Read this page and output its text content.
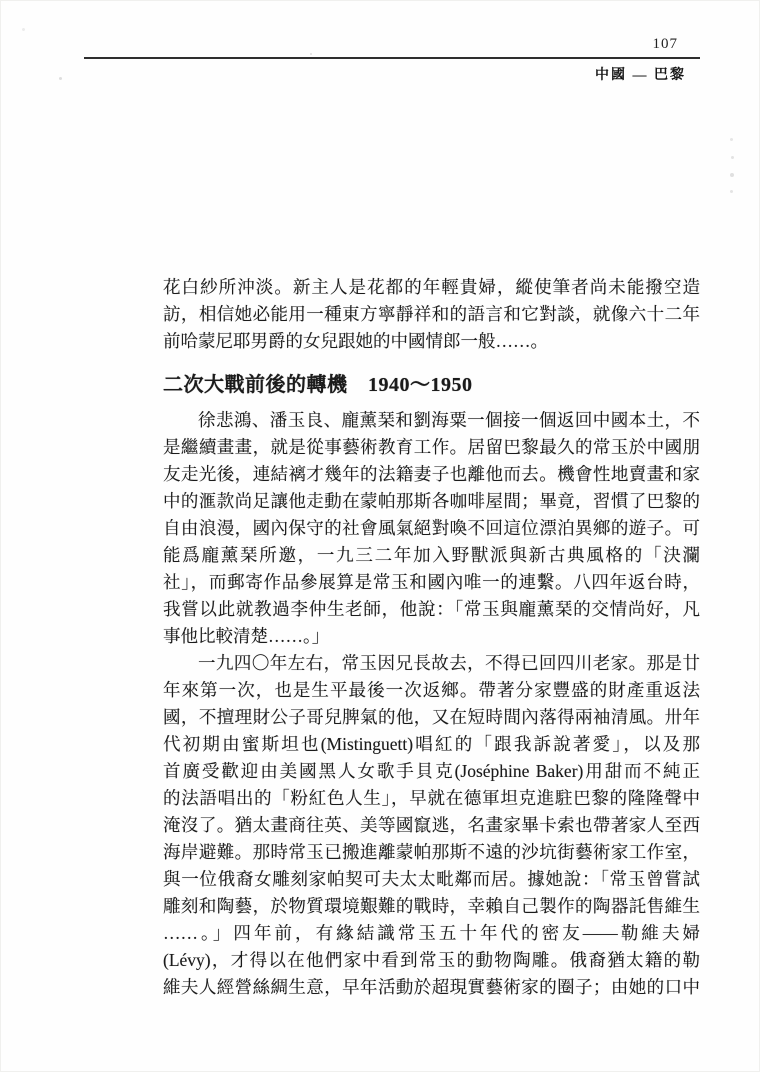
107
中國 — 巴黎
花白紗所沖淡。新主人是花都的年輕貴婦，縱使筆者尚未能撥空造
訪，相信她必能用一種東方寧靜祥和的語言和它對談，就像六十二年
前哈蒙尼耶男爵的女兒跟她的中國情郎一般……。
二次大戰前後的轉機　1940～1950
徐悲鴻、潘玉良、龐薰琹和劉海粟一個接一個返回中國本土，不
是繼續畫畫，就是從事藝術教育工作。居留巴黎最久的常玉於中國朋
友走光後，連結褵才幾年的法籍妻子也離他而去。機會性地賣畫和家
中的滙款尚足讓他走動在蒙帕那斯各咖啡屋間；畢竟，習慣了巴黎的
自由浪漫，國內保守的社會風氣絕對喚不回這位漂泊異鄉的遊子。可
能爲龐薰琹所邀，一九三二年加入野獸派與新古典風格的「決瀾
社」，而郵寄作品參展算是常玉和國內唯一的連繫。八四年返台時，
我嘗以此就教過李仲生老師，他說：「常玉與龐薰琹的交情尚好，凡
事他比較清楚……。」
一九四〇年左右，常玉因兄長故去，不得已回四川老家。那是廿
年來第一次，也是生平最後一次返鄉。帶著分家豐盛的財產重返法
國，不擅理財公子哥兒脾氣的他，又在短時間內落得兩袖清風。卅年
代初期由蜜斯坦也(Mistinguett)唱紅的「跟我訴說著愛」，以及那
首廣受歡迎由美國黑人女歌手貝克(Joséphine Baker)用甜而不純正
的法語唱出的「粉紅色人生」，早就在德軍坦克進駐巴黎的隆隆聲中
淹沒了。猶太畫商往英、美等國竄逃，名畫家畢卡索也帶著家人至西
海岸避難。那時常玉已搬進離蒙帕那斯不遠的沙坑街藝術家工作室，
與一位俄裔女雕刻家帕契可夫太太毗鄰而居。據她說：「常玉曾嘗試
雕刻和陶藝，於物質環境艱難的戰時，幸賴自己製作的陶器託售維生
……。」四年前，有緣結識常玉五十年代的密友——勒維夫婦
(Lévy)，才得以在他們家中看到常玉的動物陶雕。俄裔猶太籍的勒
維夫人經營絲綢生意，早年活動於超現實藝術家的圈子；由她的口中
